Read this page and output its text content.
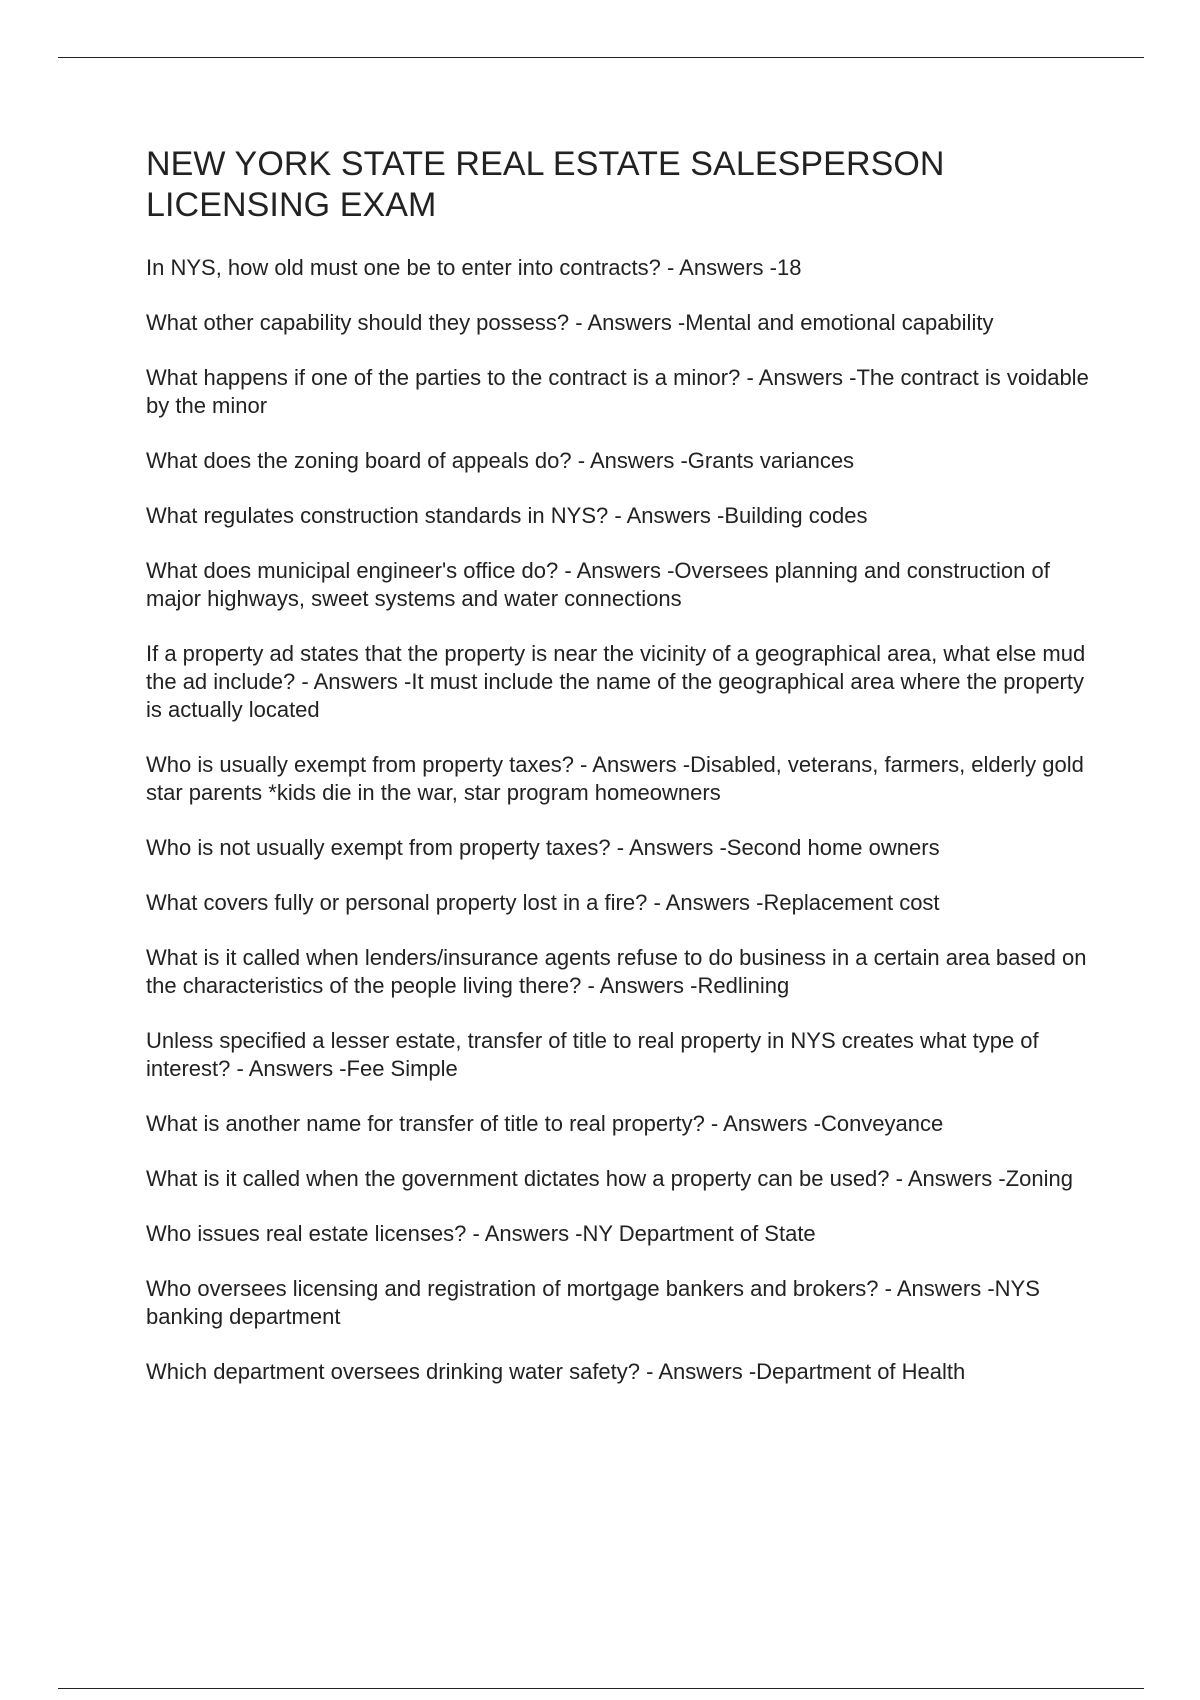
NEW YORK STATE REAL ESTATE SALESPERSON LICENSING EXAM
In NYS, how old must one be to enter into contracts? - Answers -18
What other capability should they possess? - Answers -Mental and emotional capability
What happens if one of the parties to the contract is a minor? - Answers -The contract is voidable by the minor
What does the zoning board of appeals do? - Answers -Grants variances
What regulates construction standards in NYS? - Answers -Building codes
What does municipal engineer's office do? - Answers -Oversees planning and construction of major highways, sweet systems and water connections
If a property ad states that the property is near the vicinity of a geographical area, what else mud the ad include? - Answers -It must include the name of the geographical area where the property is actually located
Who is usually exempt from property taxes? - Answers -Disabled, veterans, farmers, elderly gold star parents *kids die in the war, star program homeowners
Who is not usually exempt from property taxes? - Answers -Second home owners
What covers fully or personal property lost in a fire? - Answers -Replacement cost
What is it called when lenders/insurance agents refuse to do business in a certain area based on the characteristics of the people living there? - Answers -Redlining
Unless specified a lesser estate, transfer of title to real property in NYS creates what type of interest? - Answers -Fee Simple
What is another name for transfer of title to real property? - Answers -Conveyance
What is it called when the government dictates how a property can be used? - Answers -Zoning
Who issues real estate licenses? - Answers -NY Department of State
Who oversees licensing and registration of mortgage bankers and brokers? - Answers -NYS banking department
Which department oversees drinking water safety? - Answers -Department of Health
